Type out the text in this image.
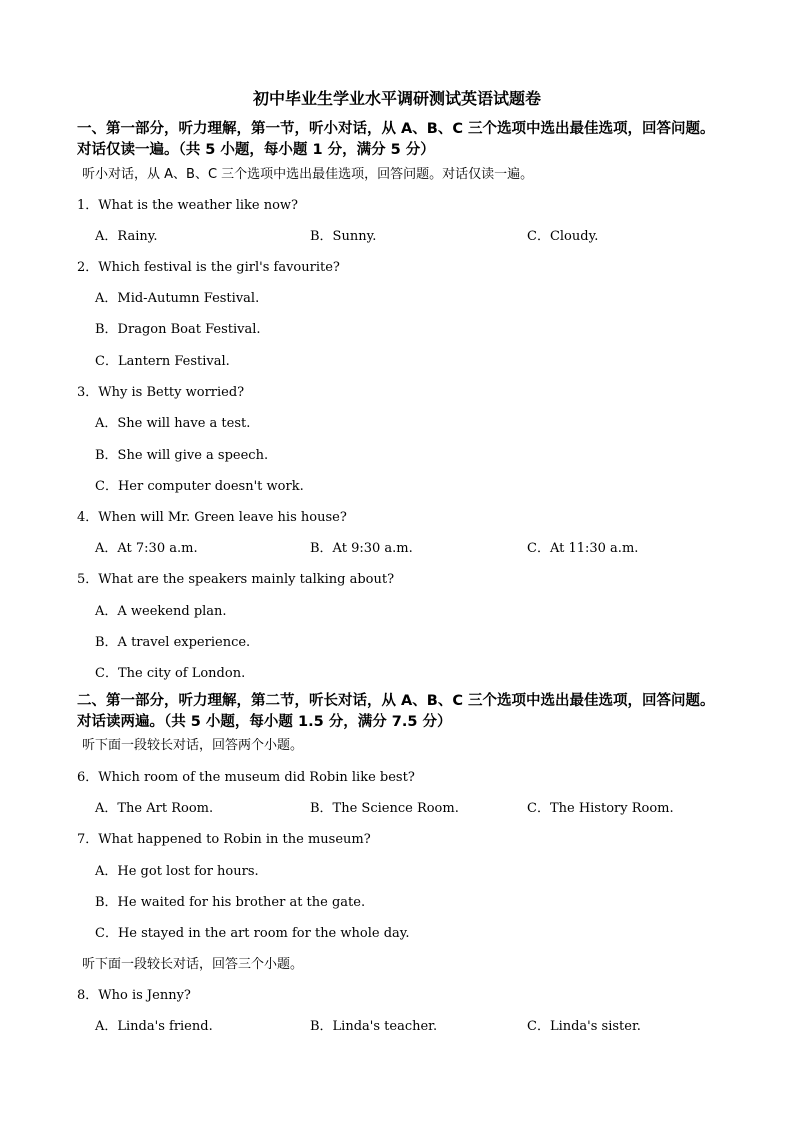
初中毕业生学业水平调研测试英语试题卷
一、第一部分，听力理解，第一节，听小对话，从 A、B、C 三个选项中选出最佳选项，回答问题。
对话仅读一遍。（共 5 小题，每小题 1 分，满分 5 分）
听小对话，从 A、B、C 三个选项中选出最佳选项，回答问题。对话仅读一遍。
1．What is the weather like now?
A．Rainy.	B．Sunny.	C．Cloudy.
2．Which festival is the girl's favourite?
A．Mid-Autumn Festival.
B．Dragon Boat Festival.
C．Lantern Festival.
3．Why is Betty worried?
A．She will have a test.
B．She will give a speech.
C．Her computer doesn't work.
4．When will Mr. Green leave his house?
A．At 7:30 a.m.	B．At 9:30 a.m.	C．At 11:30 a.m.
5．What are the speakers mainly talking about?
A．A weekend plan.
B．A travel experience.
C．The city of London.
二、第一部分，听力理解，第二节，听长对话，从 A、B、C 三个选项中选出最佳选项，回答问题。
对话读两遍。（共 5 小题，每小题 1.5 分，满分 7.5 分）
听下面一段较长对话，回答两个小题。
6．Which room of the museum did Robin like best?
A．The Art Room.	B．The Science Room.	C．The History Room.
7．What happened to Robin in the museum?
A．He got lost for hours.
B．He waited for his brother at the gate.
C．He stayed in the art room for the whole day.
听下面一段较长对话，回答三个小题。
8．Who is Jenny?
A．Linda's friend.	B．Linda's teacher.	C．Linda's sister.
